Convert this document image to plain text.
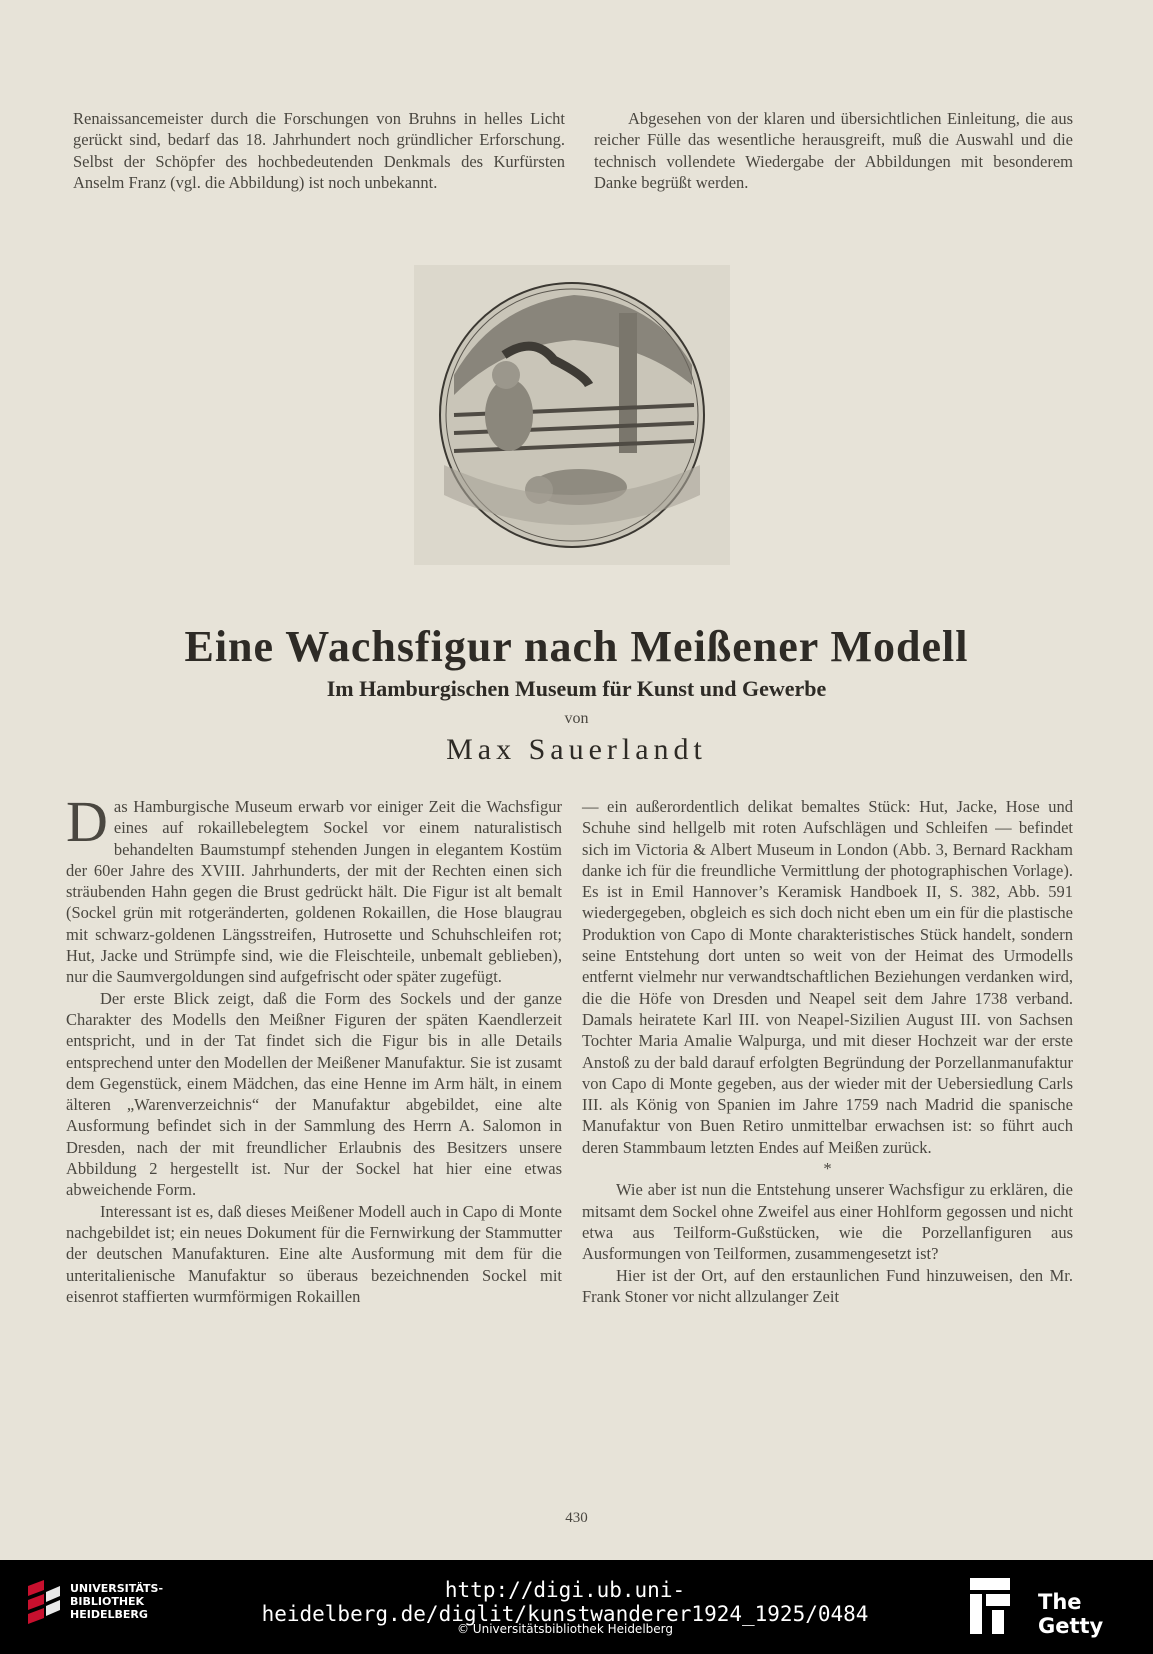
Renaissancemeister durch die Forschungen von Bruhns in helles Licht gerückt sind, bedarf das 18. Jahrhundert noch gründlicher Erforschung. Selbst der Schöpfer des hochbedeutenden Denkmals des Kurfürsten Anselm Franz (vgl. die Abbildung) ist noch unbekannt.

Abgesehen von der klaren und übersichtlichen Einleitung, die aus reicher Fülle das wesentliche herausgreift, muß die Auswahl und die technisch vollendete Wiedergabe der Abbildungen mit besonderem Danke begrüßt werden.

Eine Wachsfigur nach Meißener Modell
Im Hamburgischen Museum für Kunst und Gewerbe
von
Max Sauerlandt

Das Hamburgische Museum erwarb vor einiger Zeit die Wachsfigur eines auf rokaillebelegtem Sockel vor einem naturalistisch behandelten Baumstumpf stehenden Jungen in elegantem Kostüm der 60er Jahre des XVIII. Jahrhunderts, der mit der Rechten einen sich sträubenden Hahn gegen die Brust gedrückt hält. Die Figur ist alt bemalt (Sockel grün mit rotgeränderten, goldenen Rokaillen, die Hose blaugrau mit schwarz-goldenen Längsstreifen, Hutrosette und Schuhschleifen rot; Hut, Jacke und Strümpfe sind, wie die Fleischteile, unbemalt geblieben), nur die Saumvergoldungen sind aufgefrischt oder später zugefügt.

Der erste Blick zeigt, daß die Form des Sockels und der ganze Charakter des Modells den Meißner Figuren der späten Kaendlerzeit entspricht, und in der Tat findet sich die Figur bis in alle Details entsprechend unter den Modellen der Meißener Manufaktur. Sie ist zusamt dem Gegenstück, einem Mädchen, das eine Henne im Arm hält, in einem älteren „Warenverzeichnis“ der Manufaktur abgebildet, eine alte Ausformung befindet sich in der Sammlung des Herrn A. Salomon in Dresden, nach der mit freundlicher Erlaubnis des Besitzers unsere Abbildung 2 hergestellt ist. Nur der Sockel hat hier eine etwas abweichende Form.

Interessant ist es, daß dieses Meißener Modell auch in Capo di Monte nachgebildet ist; ein neues Dokument für die Fernwirkung der Stammutter der deutschen Manufakturen. Eine alte Ausformung mit dem für die unteritalienische Manufaktur so überaus bezeichnenden Sockel mit eisenrot staffierten wurmförmigen Rokaillen

— ein außerordentlich delikat bemaltes Stück: Hut, Jacke, Hose und Schuhe sind hellgelb mit roten Aufschlägen und Schleifen — befindet sich im Victoria & Albert Museum in London (Abb. 3, Bernard Rackham danke ich für die freundliche Vermittlung der photographischen Vorlage). Es ist in Emil Hannover’s Keramisk Handboek II, S. 382, Abb. 591 wiedergegeben, obgleich es sich doch nicht eben um ein für die plastische Produktion von Capo di Monte charakteristisches Stück handelt, sondern seine Entstehung dort unten so weit von der Heimat des Urmodells entfernt vielmehr nur verwandtschaftlichen Beziehungen verdanken wird, die die Höfe von Dresden und Neapel seit dem Jahre 1738 verband. Damals heiratete Karl III. von Neapel-Sizilien August III. von Sachsen Tochter Maria Amalie Walpurga, und mit dieser Hochzeit war der erste Anstoß zu der bald darauf erfolgten Begründung der Porzellanmanufaktur von Capo di Monte gegeben, aus der wieder mit der Uebersiedlung Carls III. als König von Spanien im Jahre 1759 nach Madrid die spanische Manufaktur von Buen Retiro unmittelbar erwachsen ist: so führt auch deren Stammbaum letzten Endes auf Meißen zurück.

*

Wie aber ist nun die Entstehung unserer Wachsfigur zu erklären, die mitsamt dem Sockel ohne Zweifel aus einer Hohlform gegossen und nicht etwa aus Teilform-Gußstücken, wie die Porzellanfiguren aus Ausformungen von Teilformen, zusammengesetzt ist?

Hier ist der Ort, auf den erstaunlichen Fund hinzuweisen, den Mr. Frank Stoner vor nicht allzulanger Zeit

430
UNIVERSITÄTS-
BIBLIOTHEK
HEIDELBERG
http://digi.ub.uni-heidelberg.de/diglit/kunstwanderer1924_1925/0484
© Universitätsbibliothek Heidelberg
The Getty
